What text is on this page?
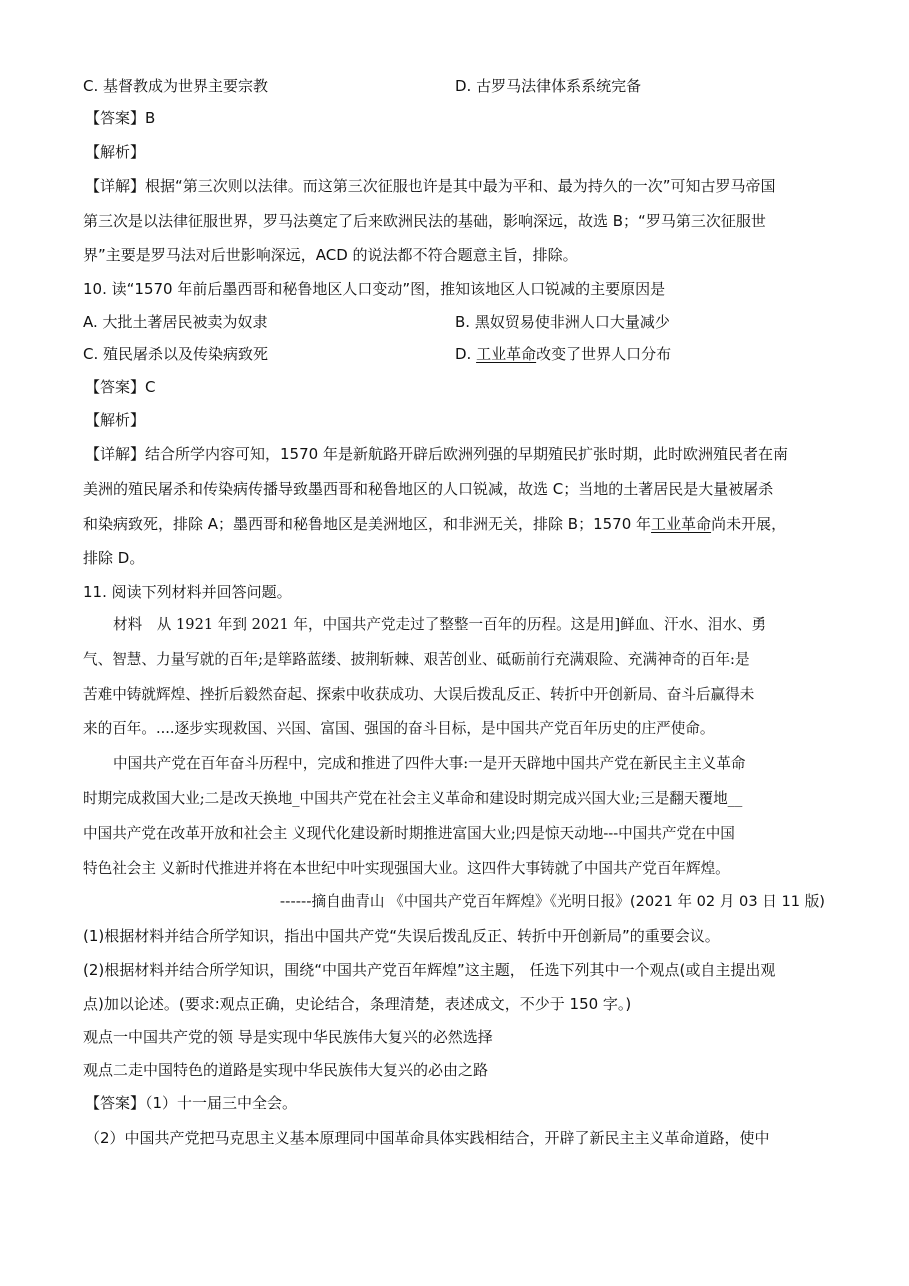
C. 基督教成为世界主要宗教	D. 古罗马法律体系系统完备
【答案】B
【解析】
【详解】根据“第三次则以法律。而这第三次征服也许是其中最为平和、最为持久的一次”可知古罗马帝国
第三次是以法律征服世界，罗马法奠定了后来欧洲民法的基础，影响深远，故选 B；“罗马第三次征服世
界”主要是罗马法对后世影响深远，ACD 的说法都不符合题意主旨，排除。
10. 读“1570 年前后墨西哥和秘鲁地区人口变动”图，推知该地区人口锐减的主要原因是
A. 大批土著居民被卖为奴隶	B. 黑奴贸易使非洲人口大量减少
C. 殖民屠杀以及传染病致死	D. 工业革命改变了世界人口分布
【答案】C
【解析】
【详解】结合所学内容可知，1570 年是新航路开辟后欧洲列强的早期殖民扩张时期，此时欧洲殖民者在南
美洲的殖民屠杀和传染病传播导致墨西哥和秘鲁地区的人口锐减，故选 C；当地的土著居民是大量被屠杀
和染病致死，排除 A；墨西哥和秘鲁地区是美洲地区，和非洲无关，排除 B；1570 年工业革命尚未开展，
排除 D。
11. 阅读下列材料并回答问题。
材料　从 1921 年到 2021 年，中国共产党走过了整整一百年的历程。这是用]鲜血、汗水、泪水、勇
气、智慧、力量写就的百年;是筚路蓝缕、披荆斩棘、艰苦创业、砥砺前行充满艰险、充满神奇的百年:是
苦难中铸就辉煌、挫折后毅然奋起、探索中收获成功、大误后拨乱反正、转折中开创新局、奋斗后赢得未
来的百年。....逐步实现救国、兴国、富国、强国的奋斗目标，是中国共产党百年历史的庄严使命。
中国共产党在百年奋斗历程中，完成和推进了四件大事:一是开天辟地中国共产党在新民主主义革命
时期完成救国大业;二是改天换地_中国共产党在社会主义革命和建设时期完成兴国大业;三是翻天覆地__
中国共产党在改革开放和社会主 义现代化建设新时期推进富国大业;四是惊天动地---中国共产党在中国
特色社会主 义新时代推进并将在本世纪中叶实现强国大业。这四件大事铸就了中国共产党百年辉煌。
------摘自曲青山 《中国共产党百年辉煌》《光明日报》(2021 年 02 月 03 日 11 版)
(1)根据材料并结合所学知识，指出中国共产党“失误后拨乱反正、转折中开创新局”的重要会议。
(2)根据材料并结合所学知识，围绕“中国共产党百年辉煌”这主题， 任选下列其中一个观点(或自主提出观
点)加以论述。(要求:观点正确，史论结合，条理清楚，表述成文，不少于 150 字。)
观点一中国共产党的领 导是实现中华民族伟大复兴的必然选择
观点二走中国特色的道路是实现中华民族伟大复兴的必由之路
【答案】（1）十一届三中全会。
（2）中国共产党把马克思主义基本原理同中国革命具体实践相结合，开辟了新民主主义革命道路，使中
